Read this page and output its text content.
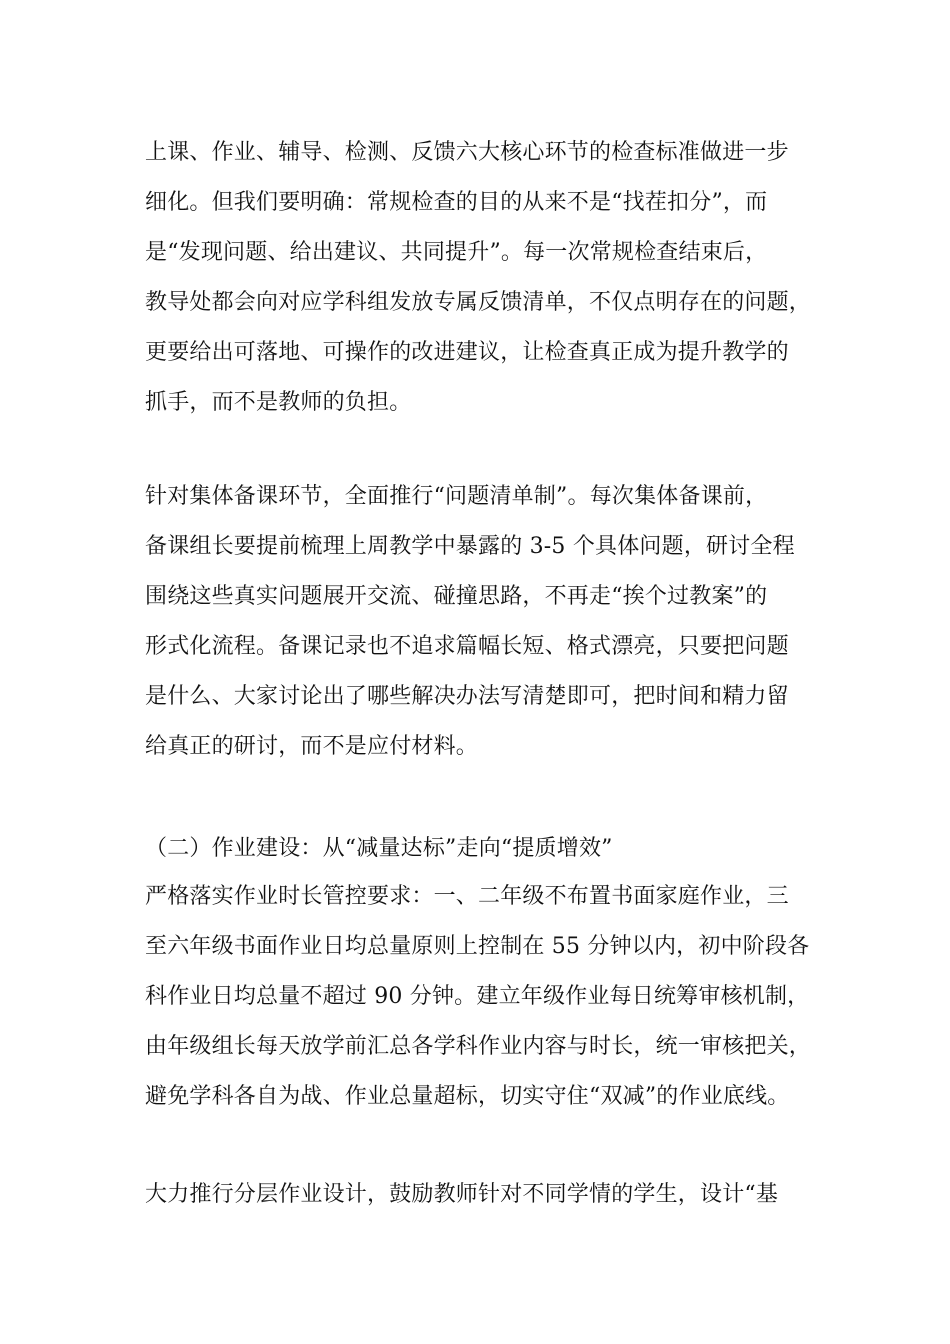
上课、作业、辅导、检测、反馈六大核心环节的检查标准做进一步
细化。但我们要明确：常规检查的目的从来不是“找茬扣分”，而
是“发现问题、给出建议、共同提升”。每一次常规检查结束后，
教导处都会向对应学科组发放专属反馈清单，不仅点明存在的问题，
更要给出可落地、可操作的改进建议，让检查真正成为提升教学的
抓手，而不是教师的负担。
针对集体备课环节，全面推行“问题清单制”。每次集体备课前，
备课组长要提前梳理上周教学中暴露的 3-5 个具体问题，研讨全程
围绕这些真实问题展开交流、碰撞思路，不再走“挨个过教案”的
形式化流程。备课记录也不追求篇幅长短、格式漂亮，只要把问题
是什么、大家讨论出了哪些解决办法写清楚即可，把时间和精力留
给真正的研讨，而不是应付材料。
（二）作业建设：从“减量达标”走向“提质增效”
严格落实作业时长管控要求：一、二年级不布置书面家庭作业，三
至六年级书面作业日均总量原则上控制在 55 分钟以内，初中阶段各
科作业日均总量不超过 90 分钟。建立年级作业每日统筹审核机制，
由年级组长每天放学前汇总各学科作业内容与时长，统一审核把关，
避免学科各自为战、作业总量超标，切实守住“双减”的作业底线。
大力推行分层作业设计，鼓励教师针对不同学情的学生，设计“基
